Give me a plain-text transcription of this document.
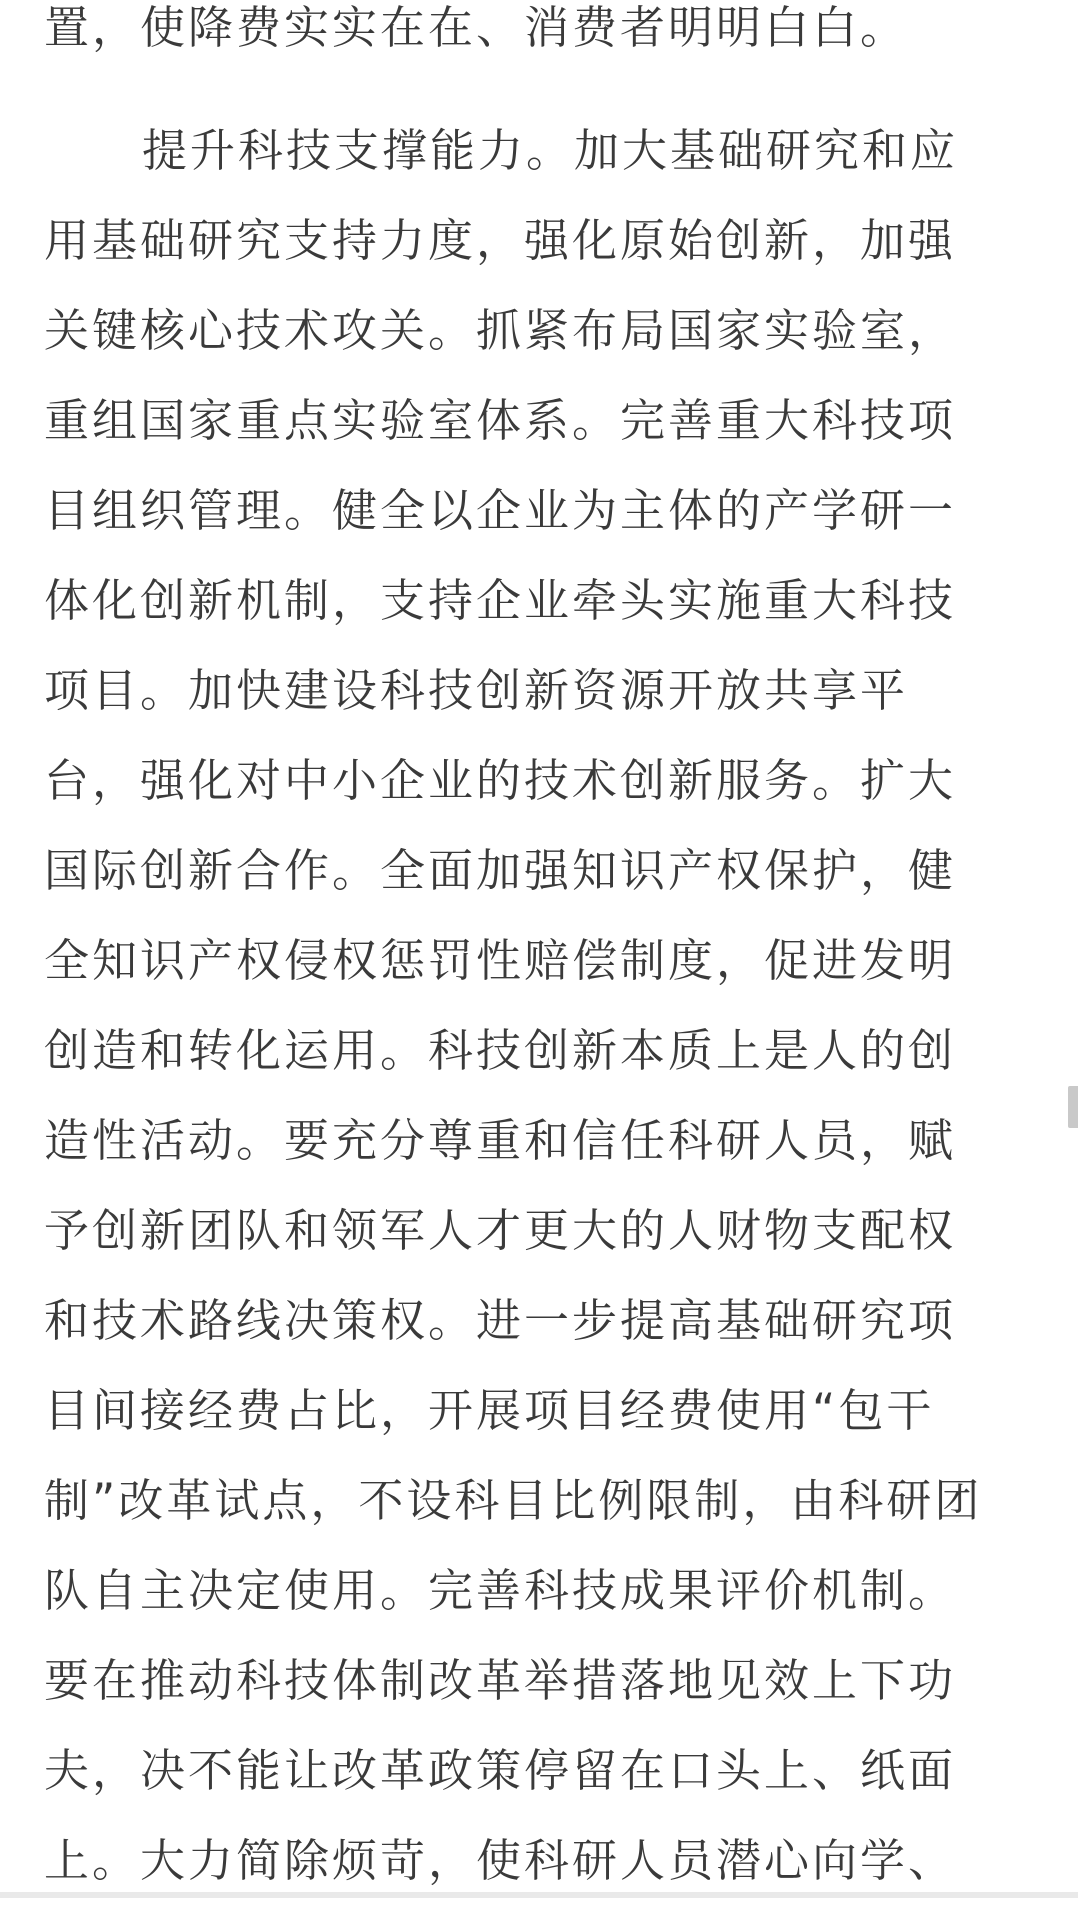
置，使降费实实在在、消费者明明白白。
提升科技支撑能力。加大基础研究和应
用基础研究支持力度，强化原始创新，加强
关键核心技术攻关。抓紧布局国家实验室，
重组国家重点实验室体系。完善重大科技项
目组织管理。健全以企业为主体的产学研一
体化创新机制，支持企业牵头实施重大科技
项目。加快建设科技创新资源开放共享平
台，强化对中小企业的技术创新服务。扩大
国际创新合作。全面加强知识产权保护，健
全知识产权侵权惩罚性赔偿制度，促进发明
创造和转化运用。科技创新本质上是人的创
造性活动。要充分尊重和信任科研人员，赋
予创新团队和领军人才更大的人财物支配权
和技术路线决策权。进一步提高基础研究项
目间接经费占比，开展项目经费使用“包干
制”改革试点，不设科目比例限制，由科研团
队自主决定使用。完善科技成果评价机制。
要在推动科技体制改革举措落地见效上下功
夫，决不能让改革政策停留在口头上、纸面
上。大力简除烦苛，使科研人员潜心向学、
